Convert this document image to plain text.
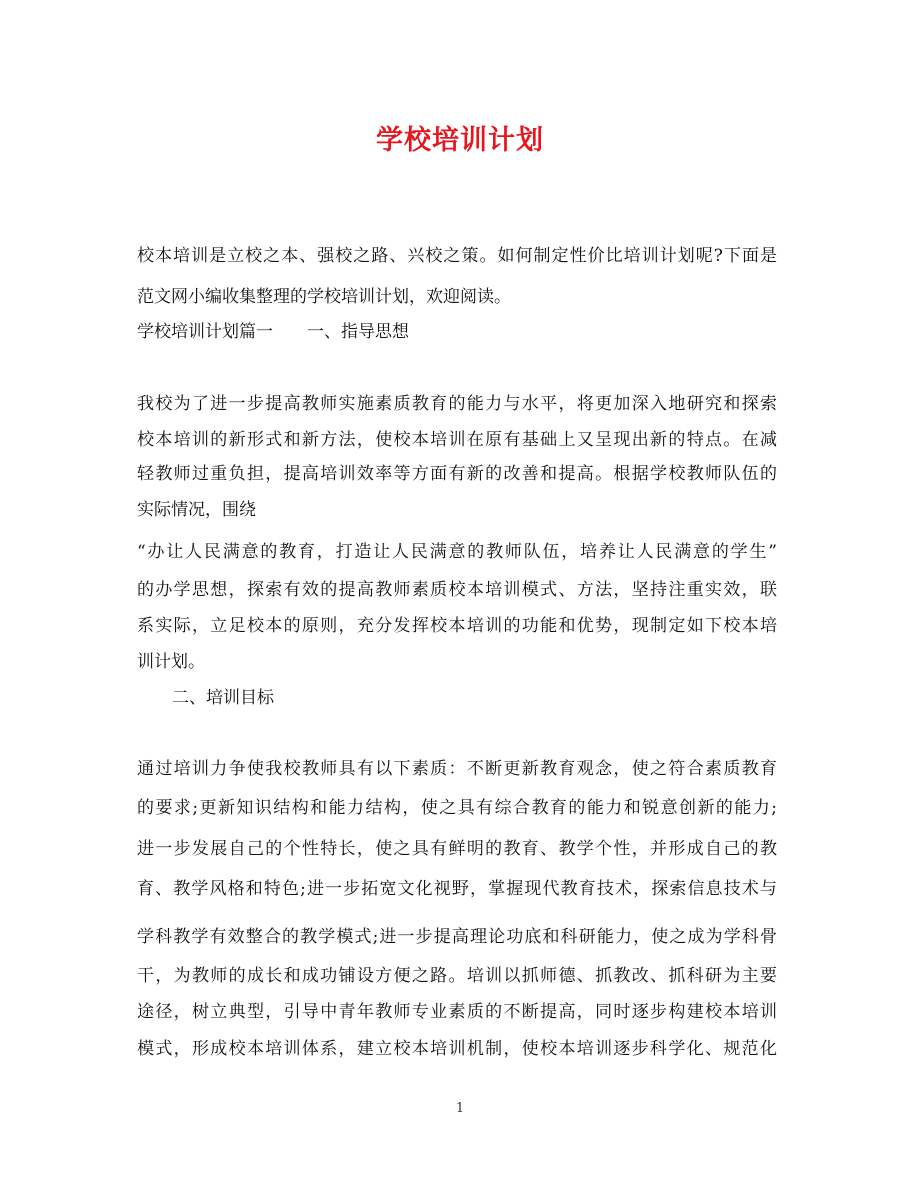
学校培训计划
校本培训是立校之本、强校之路、兴校之策。如何制定性价比培训计划呢?下面是
范文网小编收集整理的学校培训计划，欢迎阅读。
学校培训计划篇一　　一、指导思想
我校为了进一步提高教师实施素质教育的能力与水平，将更加深入地研究和探索
校本培训的新形式和新方法，使校本培训在原有基础上又呈现出新的特点。在减
轻教师过重负担，提高培训效率等方面有新的改善和提高。根据学校教师队伍的
实际情况，围绕
“办让人民满意的教育，打造让人民满意的教师队伍，培养让人民满意的学生”
的办学思想，探索有效的提高教师素质校本培训模式、方法，坚持注重实效，联
系实际，立足校本的原则，充分发挥校本培训的功能和优势，现制定如下校本培
训计划。
二、培训目标
通过培训力争使我校教师具有以下素质：不断更新教育观念，使之符合素质教育
的要求;更新知识结构和能力结构，使之具有综合教育的能力和锐意创新的能力;
进一步发展自己的个性特长，使之具有鲜明的教育、教学个性，并形成自己的教
育、教学风格和特色;进一步拓宽文化视野，掌握现代教育技术，探索信息技术与
学科教学有效整合的教学模式;进一步提高理论功底和科研能力，使之成为学科骨
干，为教师的成长和成功铺设方便之路。培训以抓师德、抓教改、抓科研为主要
途径，树立典型，引导中青年教师专业素质的不断提高，同时逐步构建校本培训
模式，形成校本培训体系，建立校本培训机制，使校本培训逐步科学化、规范化
1
